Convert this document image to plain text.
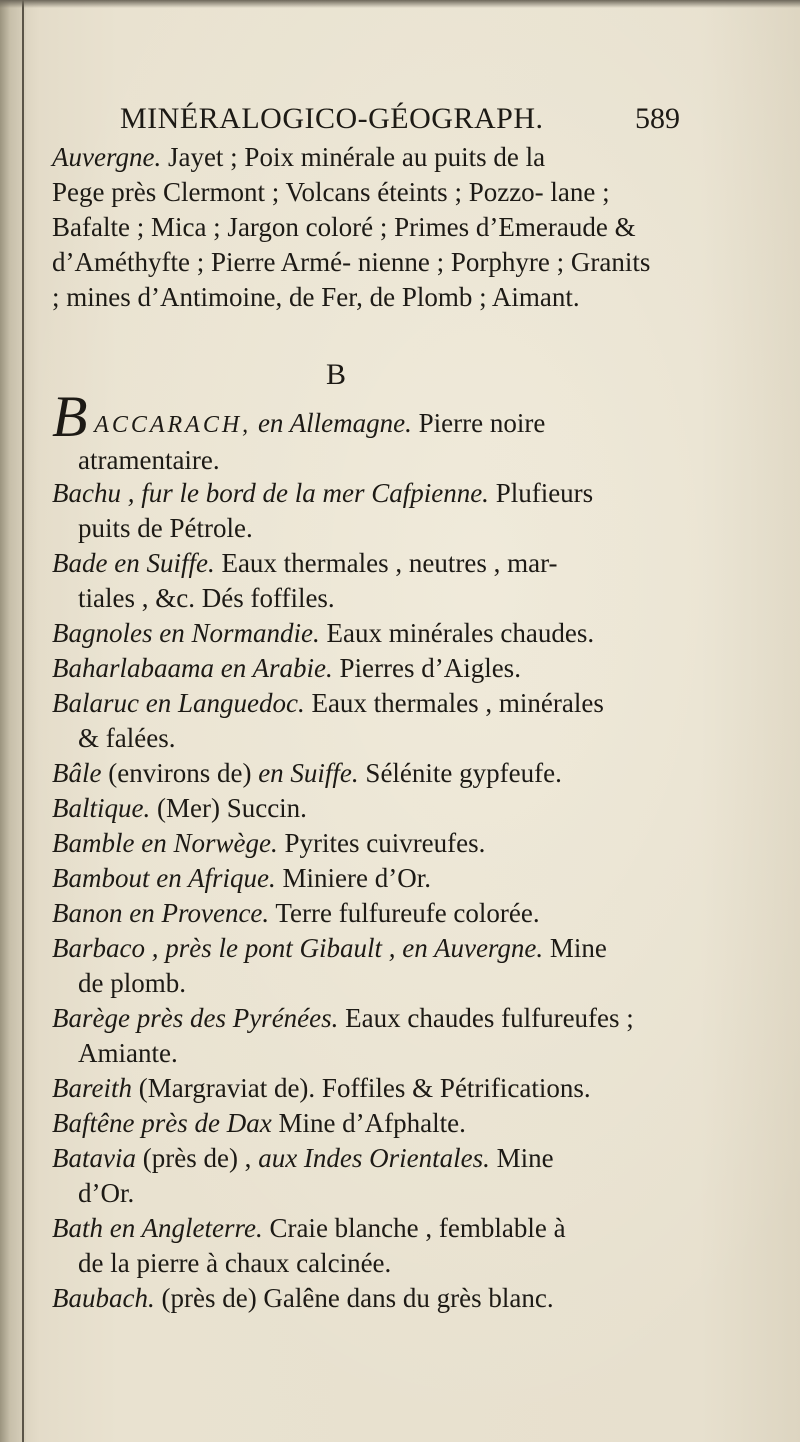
MINÉRALOGICO-GÉOGRAPH.	589
Auvergne. Jayet ; Poix minérale au puits de la
Pege près Clermont ; Volcans éteints ; Pozzo- lane ; Bafalte ; Mica ; Jargon coloré ; Primes d’Emeraude & d’Améthyfte ; Pierre Armé- nienne ; Porphyre ; Granits ; mines d’Antimoine, de Fer, de Plomb ; Aimant.
B
B ACCARACH, en Allemagne. Pierre noire
atramentaire.
Bachu , fur le bord de la mer Cafpienne. Plufieurs
puits de Pétrole.
Bade en Suiffe. Eaux thermales , neutres , mar-
tiales , &c. Dés foffiles.
Bagnoles en Normandie. Eaux minérales chaudes.
Baharlabaama en Arabie. Pierres d’Aigles.
Balaruc en Languedoc. Eaux thermales , minérales
& falées.
Bâle (environs de) en Suiffe. Sélénite gypfeufe.
Baltique. (Mer) Succin.
Bamble en Norwège. Pyrites cuivreufes.
Bambout en Afrique. Miniere d’Or.
Banon en Provence. Terre fulfureufe colorée.
Barbaco , près le pont Gibault , en Auvergne. Mine
de plomb.
Barège près des Pyrénées. Eaux chaudes fulfureufes ;
Amiante.
Bareith (Margraviat de). Foffiles & Pétrifications.
Baftêne près de Dax Mine d’Afphalte.
Batavia (près de) , aux Indes Orientales. Mine
d’Or.
Bath en Angleterre. Craie blanche , femblable à
de la pierre à chaux calcinée.
Baubach. (près de) Galêne dans du grès blanc.
